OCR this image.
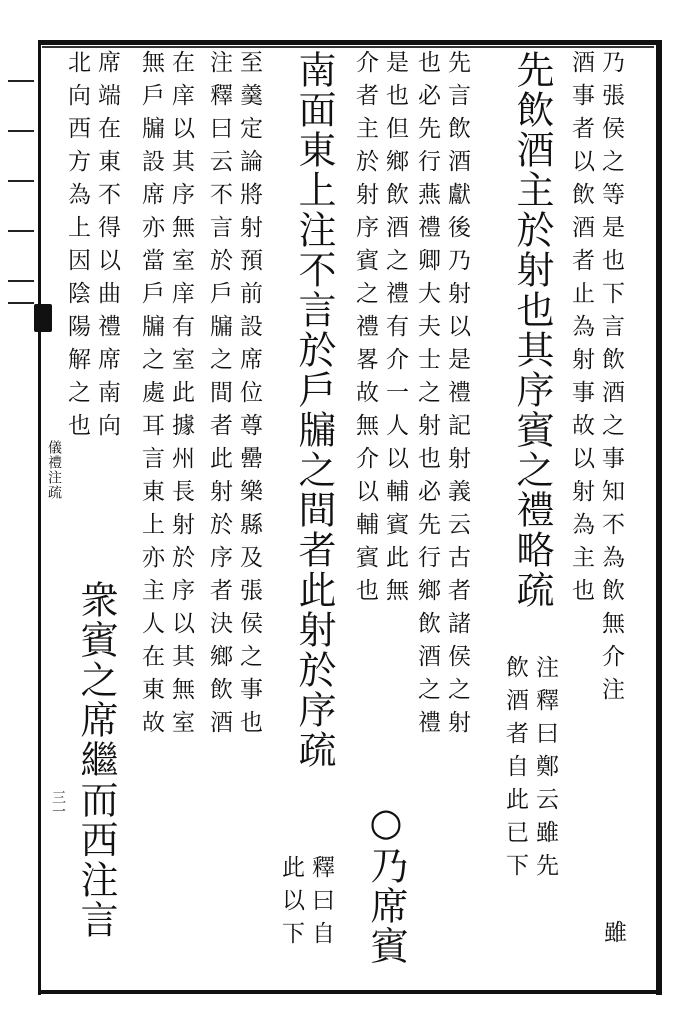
儀禮注疏
三一
乃張侯之等是也下言飲酒之事知不為飲無介注
酒事者以飲酒者止為射事故以射為主也
雖
先飲酒主於射也其序賓之禮略疏
注釋曰鄭云雖先
飲酒者自此已下
先言飲酒獻後乃射以是禮記射義云古者諸侯之射
也必先行燕禮卿大夫士之射也必先行鄉飲酒之禮
是也但鄉飲酒之禮有介一人以輔賓此無
介者主於射序賓之禮畧故無介以輔賓也
○乃席賓
南面東上注不言於戶牖之間者此射於序疏
釋曰自
此以下
至羹定論將射預前設席位尊罍樂縣及張侯之事也
注釋曰云不言於戶牖之間者此射於序者決鄉飲酒
在庠以其序無室庠有室此據州長射於序以其無室
無戶牖設席亦當戶牖之處耳言東上亦主人在東故
席端在東不得以曲禮席南向
北向西方為上因陰陽解之也
衆賓之席繼而西注言
